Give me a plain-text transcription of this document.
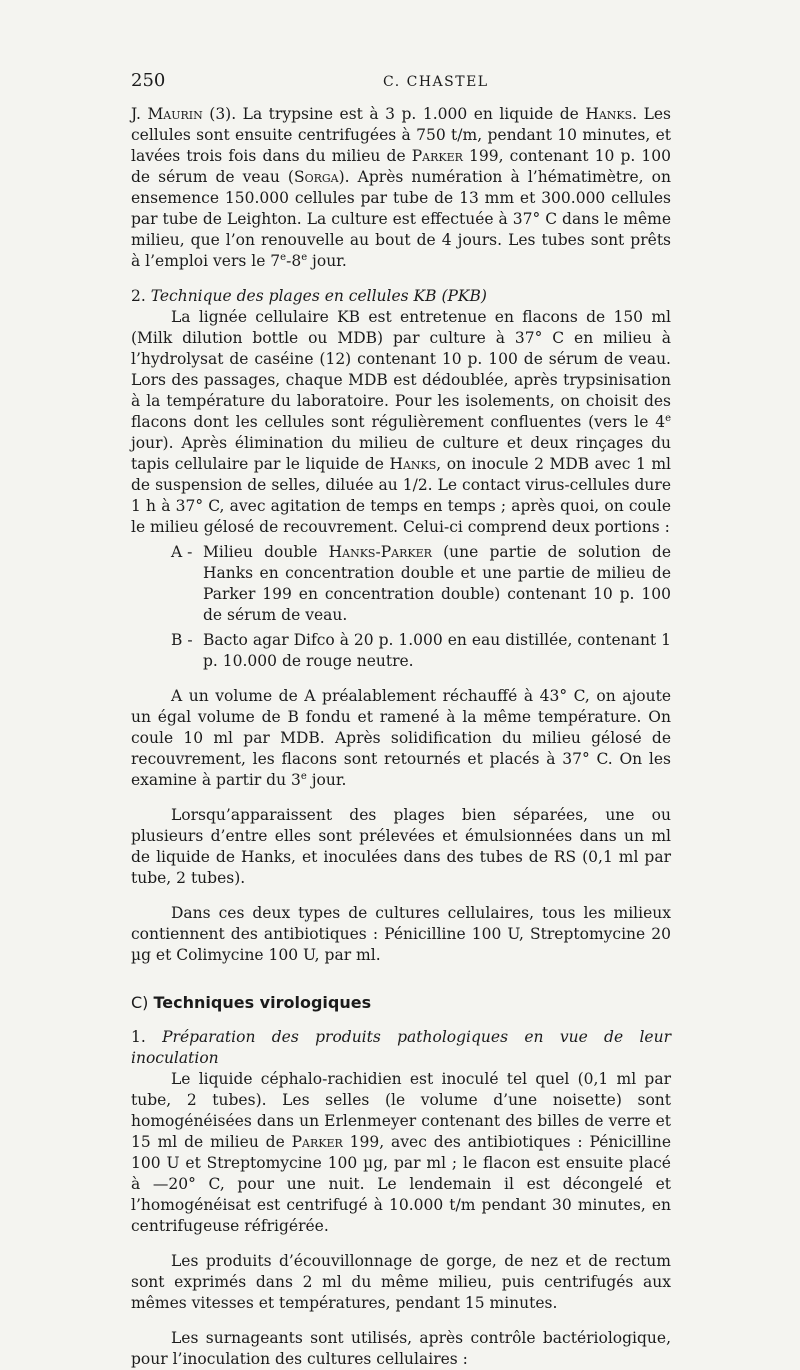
250	C. CHASTEL

J. Maurin (3). La trypsine est à 3 p. 1.000 en liquide de Hanks. Les cellules sont ensuite centrifugées à 750 t/m, pendant 10 minutes, et lavées trois fois dans du milieu de Parker 199, contenant 10 p. 100 de sérum de veau (Sorga). Après numération à l’hématimètre, on ensemence 150.000 cellules par tube de 13 mm et 300.000 cellules par tube de Leighton. La culture est effectuée à 37° C dans le même milieu, que l’on renouvelle au bout de 4 jours. Les tubes sont prêts à l’emploi vers le 7e-8e jour.

2. Technique des plages en cellules KB (PKB)

La lignée cellulaire KB est entretenue en flacons de 150 ml (Milk dilution bottle ou MDB) par culture à 37° C en milieu à l’hydrolysat de caséine (12) contenant 10 p. 100 de sérum de veau. Lors des passages, chaque MDB est dédoublée, après trypsinisation à la température du laboratoire. Pour les isolements, on choisit des flacons dont les cellules sont régulièrement confluentes (vers le 4e jour). Après élimination du milieu de culture et deux rinçages du tapis cellulaire par le liquide de Hanks, on inocule 2 MDB avec 1 ml de suspension de selles, diluée au 1/2. Le contact virus-cellules dure 1 h à 37° C, avec agitation de temps en temps ; après quoi, on coule le milieu gélosé de recouvrement. Celui-ci comprend deux portions :

A - Milieu double Hanks-Parker (une partie de solution de Hanks en concentration double et une partie de milieu de Parker 199 en concentration double) contenant 10 p. 100 de sérum de veau.
B - Bacto agar Difco à 20 p. 1.000 en eau distillée, contenant 1 p. 10.000 de rouge neutre.

A un volume de A préalablement réchauffé à 43° C, on ajoute un égal volume de B fondu et ramené à la même température. On coule 10 ml par MDB. Après solidification du milieu gélosé de recouvrement, les flacons sont retournés et placés à 37° C. On les examine à partir du 3e jour.

Lorsqu’apparaissent des plages bien séparées, une ou plusieurs d’entre elles sont prélevées et émulsionnées dans un ml de liquide de Hanks, et inoculées dans des tubes de RS (0,1 ml par tube, 2 tubes).

Dans ces deux types de cultures cellulaires, tous les milieux contiennent des antibiotiques : Pénicilline 100 U, Streptomycine 20 µg et Colimycine 100 U, par ml.

C) Techniques virologiques

1. Préparation des produits pathologiques en vue de leur inoculation

Le liquide céphalo-rachidien est inoculé tel quel (0,1 ml par tube, 2 tubes). Les selles (le volume d’une noisette) sont homogénéisées dans un Erlenmeyer contenant des billes de verre et 15 ml de milieu de Parker 199, avec des antibiotiques : Pénicilline 100 U et Streptomycine 100 µg, par ml ; le flacon est ensuite placé à —20° C, pour une nuit. Le lendemain il est décongelé et l’homogénéisat est centrifugé à 10.000 t/m pendant 30 minutes, en centrifugeuse réfrigérée.

Les produits d’écouvillonnage de gorge, de nez et de rectum sont exprimés dans 2 ml du même milieu, puis centrifugés aux mêmes vitesses et températures, pendant 15 minutes.

Les surnageants sont utilisés, après contrôle bactériologique, pour l’inoculation des cultures cellulaires :
